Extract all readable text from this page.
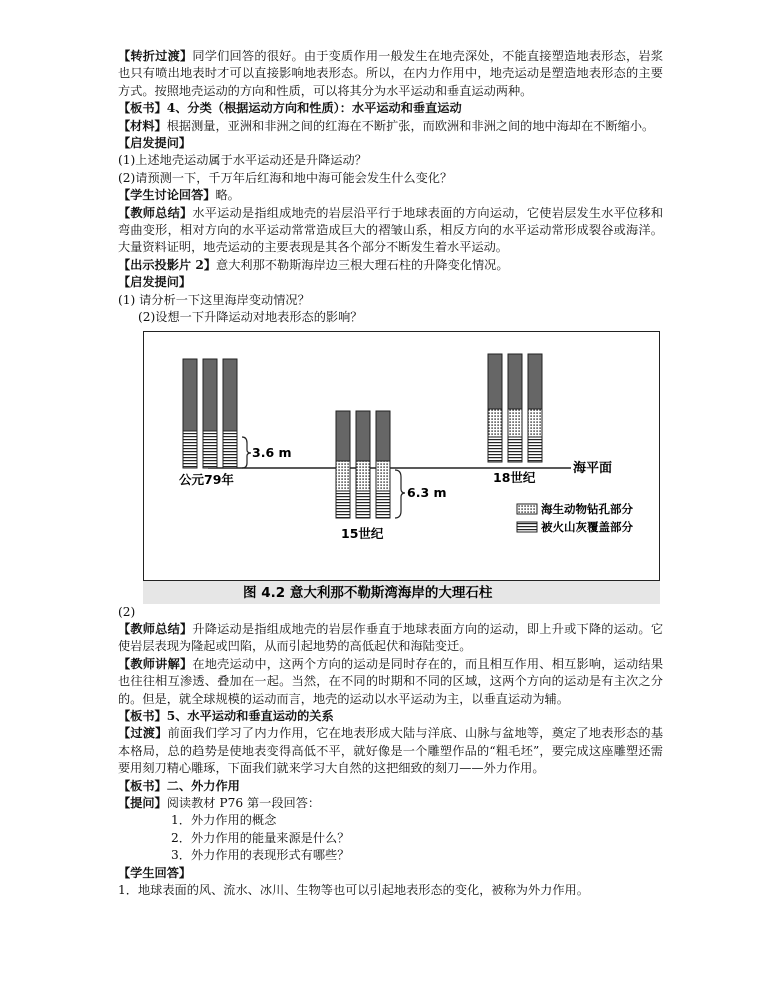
【转折过渡】同学们回答的很好。由于变质作用一般发生在地壳深处，不能直接塑造地表形态，岩浆也只有喷出地表时才可以直接影响地表形态。所以，在内力作用中，地壳运动是塑造地表形态的主要方式。按照地壳运动的方向和性质，可以将其分为水平运动和垂直运动两种。

【板书】4、分类（根据运动方向和性质）：水平运动和垂直运动

【材料】根据测量，亚洲和非洲之间的红海在不断扩张，而欧洲和非洲之间的地中海却在不断缩小。

【启发提问】

(1)上述地壳运动属于水平运动还是升降运动？

(2)请预测一下，千万年后红海和地中海可能会发生什么变化？

【学生讨论回答】略。

【教师总结】水平运动是指组成地壳的岩层沿平行于地球表面的方向运动，它使岩层发生水平位移和弯曲变形，相对方向的水平运动常常造成巨大的褶皱山系，相反方向的水平运动常形成裂谷或海洋。大量资料证明，地壳运动的主要表现是其各个部分不断发生着水平运动。

【出示投影片 2】意大利那不勒斯海岸边三根大理石柱的升降变化情况。

【启发提问】

(1) 请分析一下这里海岸变动情况？

(2)设想一下升降运动对地表形态的影响？

海平面
3.6 m
公元79年
6.3 m
15世纪
18世纪
海生动物钻孔部分
被火山灰覆盖部分
图 4.2 意大利那不勒斯湾海岸的大理石柱

(2)

【教师总结】升降运动是指组成地壳的岩层作垂直于地球表面方向的运动，即上升或下降的运动。它使岩层表现为隆起或凹陷，从而引起地势的高低起伏和海陆变迁。

【教师讲解】在地壳运动中，这两个方向的运动是同时存在的，而且相互作用、相互影响，运动结果也往往相互渗透、叠加在一起。当然，在不同的时期和不同的区域，这两个方向的运动是有主次之分的。但是，就全球规模的运动而言，地壳的运动以水平运动为主，以垂直运动为辅。

【板书】5、水平运动和垂直运动的关系

【过渡】前面我们学习了内力作用，它在地表形成大陆与洋底、山脉与盆地等，奠定了地表形态的基本格局，总的趋势是使地表变得高低不平，就好像是一个雕塑作品的“粗毛坯”，要完成这座雕塑还需要用刻刀精心雕琢，下面我们就来学习大自然的这把细致的刻刀——外力作用。

【板书】二、外力作用

【提问】阅读教材 P76 第一段回答：

1．外力作用的概念

2．外力作用的能量来源是什么？

3．外力作用的表现形式有哪些？

【学生回答】

1．地球表面的风、流水、冰川、生物等也可以引起地表形态的变化，被称为外力作用。
